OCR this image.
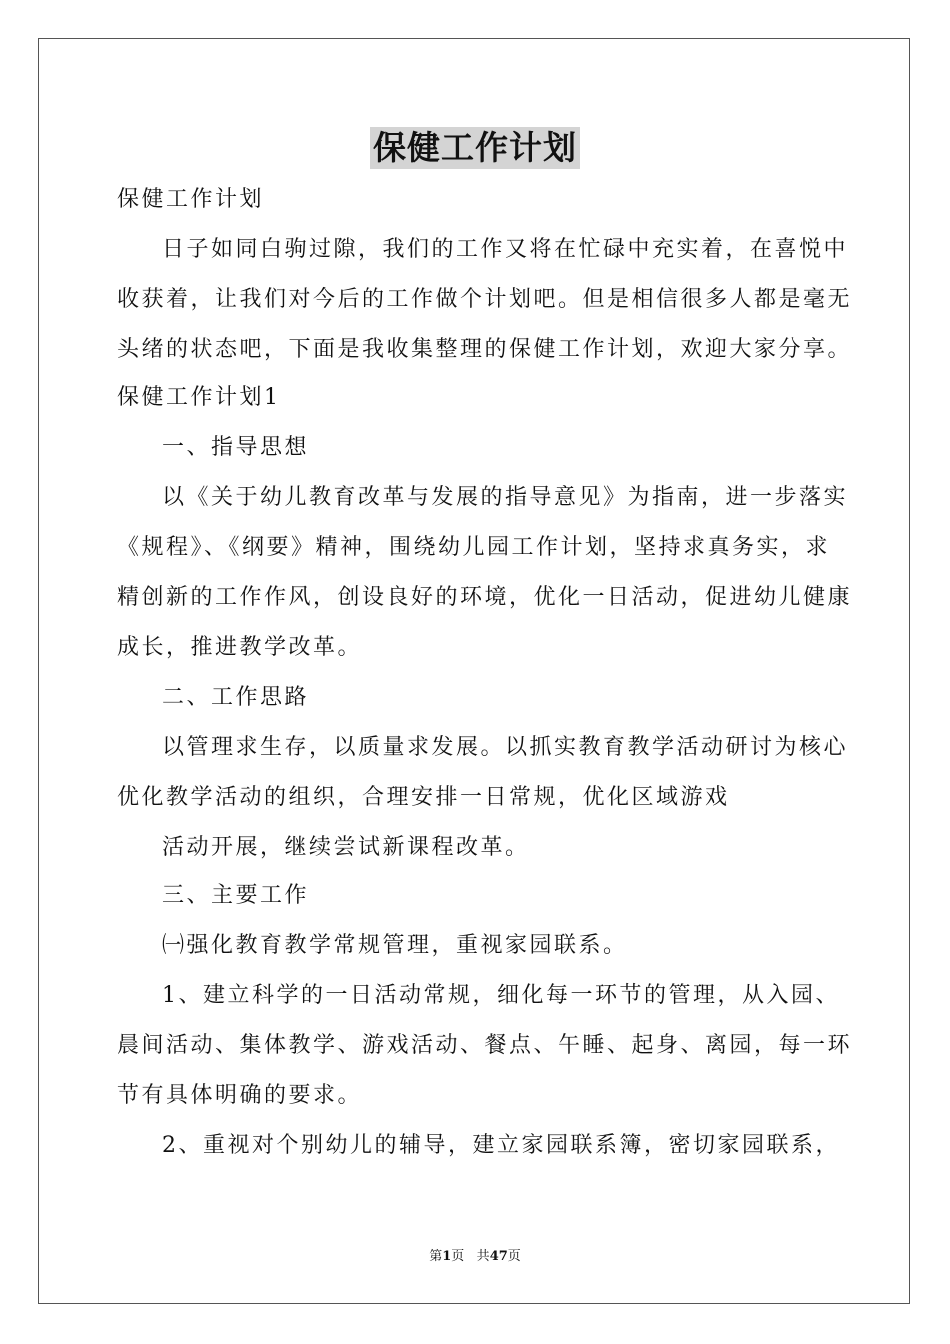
保健工作计划

保健工作计划

日子如同白驹过隙，我们的工作又将在忙碌中充实着，在喜悦中

收获着，让我们对今后的工作做个计划吧。但是相信很多人都是毫无

头绪的状态吧，下面是我收集整理的保健工作计划，欢迎大家分享。

保健工作计划1

一、指导思想

以《关于幼儿教育改革与发展的指导意见》为指南，进一步落实

《规程》、《纲要》精神，围绕幼儿园工作计划，坚持求真务实，求

精创新的工作作风，创设良好的环境，优化一日活动，促进幼儿健康

成长，推进教学改革。

二、工作思路

以管理求生存，以质量求发展。以抓实教育教学活动研讨为核心

优化教学活动的组织，合理安排一日常规，优化区域游戏

活动开展，继续尝试新课程改革。

三、主要工作

㈠强化教育教学常规管理，重视家园联系。

1、建立科学的一日活动常规，细化每一环节的管理，从入园、

晨间活动、集体教学、游戏活动、餐点、午睡、起身、离园，每一环

节有具体明确的要求。

2、重视对个别幼儿的辅导，建立家园联系簿，密切家园联系，

第1页 共47页
